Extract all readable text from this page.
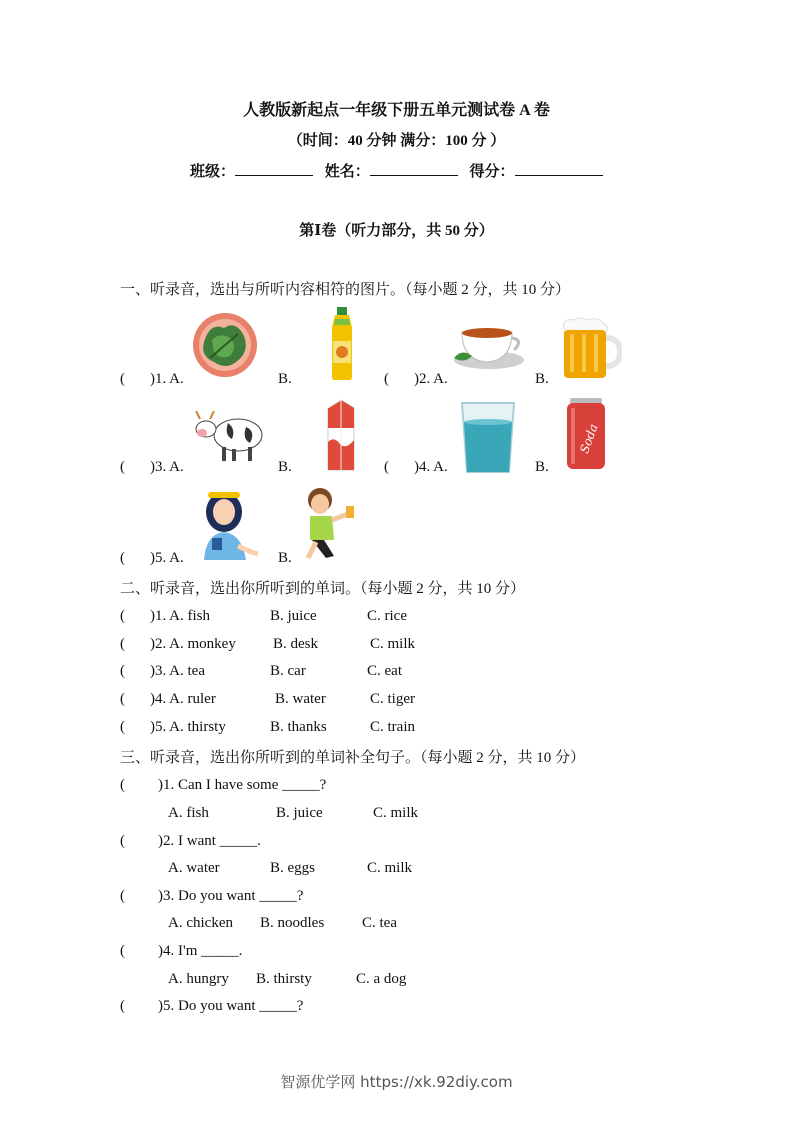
人教版新起点一年级下册五单元测试卷 A 卷
（时间：40 分钟 满分：100 分 ）
班级：	姓名：	得分：
第Ⅰ卷（听力部分，共 50 分）
一、听录音，选出与所听内容相符的图片。（每小题 2 分，共 10 分）
( )1. A.	B.	( )2. A.	B.
( )3. A.	B.	( )4. A.	B.
( )5. A.	B.
Soda
二、听录音，选出你所听到的单词。（每小题 2 分，共 10 分）
( )1. A. fish	B. juice	C. rice
( )2. A. monkey B. desk	C. milk
( )3. A. tea	B. car	C. eat
( )4. A. ruler	B. water	C. tiger
( )5. A. thirsty	B. thanks	C. train
三、听录音，选出你所听到的单词补全句子。（每小题 2 分，共 10 分）
( )1. Can I have some _____?
A. fish	B. juice	C. milk
( )2. I want _____.
A. water	B. eggs	C. milk
( )3. Do you want _____?
A. chicken B. noodles	C. tea
( )4. I'm _____.
A. hungry B. thirsty	C. a dog
( )5. Do you want _____?
智源优学网 https://xk.92diy.com
